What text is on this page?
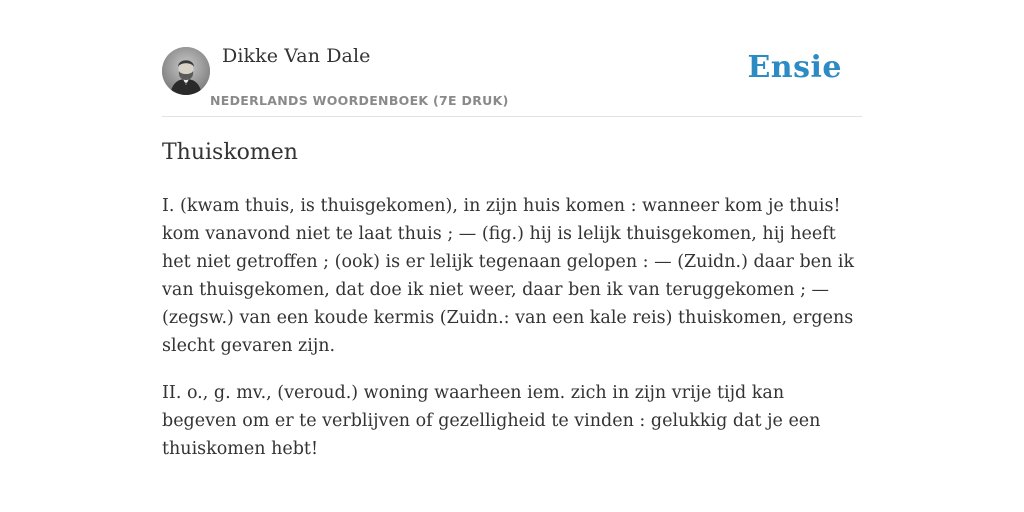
Dikke Van Dale
NEDERLANDS WOORDENBOEK (7E DRUK)
Ensie
Thuiskomen

I. (kwam thuis, is thuisgekomen), in zijn huis komen : wanneer kom je thuis! kom vanavond niet te laat thuis ; — (fig.) hij is lelijk thuisgekomen, hij heeft het niet getroffen ; (ook) is er lelijk tegenaan gelopen : — (Zuidn.) daar ben ik van thuisgekomen, dat doe ik niet weer, daar ben ik van teruggekomen ; — (zegsw.) van een koude kermis (Zuidn.: van een kale reis) thuiskomen, ergens slecht gevaren zijn.

II. o., g. mv., (veroud.) woning waarheen iem. zich in zijn vrije tijd kan begeven om er te verblijven of gezelligheid te vinden : gelukkig dat je een thuiskomen hebt!
